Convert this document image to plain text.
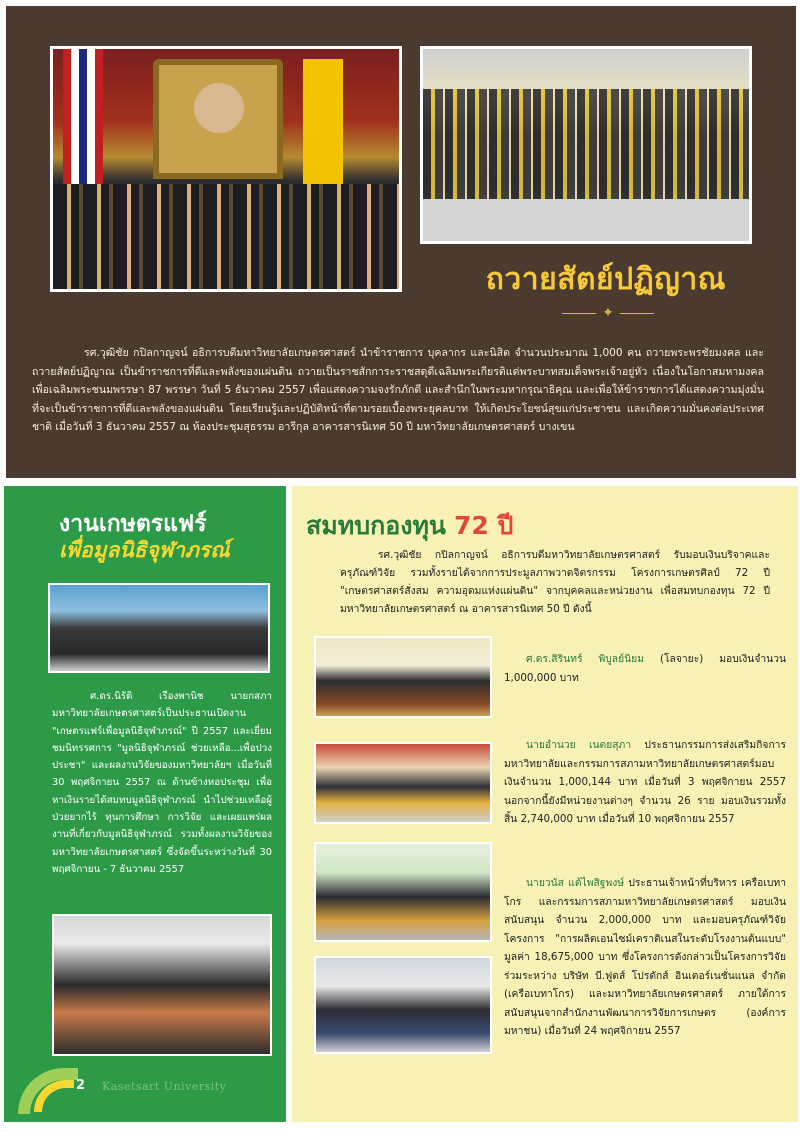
ถวายสัตย์ปฏิญาณ
✦

รศ.วุฒิชัย กปิลกาญจน์ อธิการบดีมหาวิทยาลัยเกษตรศาสตร์ นำข้าราชการ บุคลากร และนิสิต จำนวนประมาณ 1,000 คน ถวายพระพรชัยมงคล และถวายสัตย์ปฏิญาณ เป็นข้าราชการที่ดีและพลังของแผ่นดิน ถวายเป็นราชสักการะราชสดุดีเฉลิมพระเกียรติแด่พระบาทสมเด็จพระเจ้าอยู่หัว เนื่องในโอกาสมหามงคล เพื่อเฉลิมพระชนมพรรษา 87 พรรษา วันที่ 5 ธันวาคม 2557 เพื่อแสดงความจงรักภักดี และสำนึกในพระมหากรุณาธิคุณ และเพื่อให้ข้าราชการได้แสดงความมุ่งมั่นที่จะเป็นข้าราชการที่ดีและพลังของแผ่นดิน โดยเรียนรู้และปฏิบัติหน้าที่ตามรอยเบื้องพระยุคลบาท ให้เกิดประโยชน์สุขแก่ประชาชน และเกิดความมั่นคงต่อประเทศชาติ เมื่อวันที่ 3 ธันวาคม 2557 ณ ห้องประชุมสุธรรม อารีกุล อาคารสารนิเทศ 50 ปี มหาวิทยาลัยเกษตรศาสตร์ บางเขน

งานเกษตรแฟร์
เพื่อมูลนิธิจุฬาภรณ์

ศ.ดร.นิรัติ เรืองพานิช นายกสภามหาวิทยาลัยเกษตรศาสตร์เป็นประธานเปิดงาน "เกษตรแฟร์เพื่อมูลนิธิจุฬาภรณ์" ปี 2557 และเยี่ยมชมนิทรรศการ "มูลนิธิจุฬาภรณ์ ช่วยเหลือ...เพื่อปวงประชา" และผลงานวิจัยของมหาวิทยาลัยฯ เมื่อวันที่ 30 พฤศจิกายน 2557 ณ ด้านข้างหอประชุม เพื่อหาเงินรายได้สมทบมูลนิธิจุฬาภรณ์ นำไปช่วยเหลือผู้ป่วยยากไร้ ทุนการศึกษา การวิจัย และเผยแพร่ผลงานที่เกี่ยวกับมูลนิธิจุฬาภรณ์ รวมทั้งผลงานวิจัยของมหาวิทยาลัยเกษตรศาสตร์ ซึ่งจัดขึ้นระหว่างวันที่ 30 พฤศจิกายน - 7 ธันวาคม 2557

2 Kasetsart University
สมทบกองทุน 72 ปี

รศ.วุฒิชัย กปิลกาญจน์ อธิการบดีมหาวิทยาลัยเกษตรศาสตร์ รับมอบเงินบริจาคและครุภัณฑ์วิจัย รวมทั้งรายได้จากการประมูลภาพวาดจิตรกรรม โครงการเกษตรศิลป์ 72 ปี "เกษตรศาสตร์สั่งสม ความอุดมแห่งแผ่นดิน" จากบุคคลและหน่วยงาน เพื่อสมทบกองทุน 72 ปี มหาวิทยาลัยเกษตรศาสตร์ ณ อาคารสารนิเทศ 50 ปี ดังนี้

ศ.ดร.สิรินทร์ พิบูลย์นิยม (โลจายะ) มอบเงินจำนวน 1,000,000 บาท

นายอำนวย เนตยสุภา ประธานกรรมการส่งเสริมกิจการมหาวิทยาลัยและกรรมการสภามหาวิทยาลัยเกษตรศาสตร์มอบเงินจำนวน 1,000,144 บาท เมื่อวันที่ 3 พฤศจิกายน 2557 นอกจากนี้ยังมีหน่วยงานต่างๆ จำนวน 26 ราย มอบเงินรวมทั้งสิ้น 2,740,000 บาท เมื่อวันที่ 10 พฤศจิกายน 2557

นายวนัส แต้ไพสิฐพงษ์ ประธานเจ้าหน้าที่บริหาร เครือเบทาโกร และกรรมการสภามหาวิทยาลัยเกษตรศาสตร์ มอบเงินสนับสนุน จำนวน 2,000,000 บาท และมอบครุภัณฑ์วิจัยโครงการ "การผลิตเอนไซม์เคราติเนสในระดับโรงงานต้นแบบ" มูลค่า 18,675,000 บาท ซึ่งโครงการดังกล่าวเป็นโครงการวิจัยร่วมระหว่าง บริษัท บี.ฟูดส์ โปรดักส์ อินเตอร์เนชั่นแนล จำกัด (เครือเบทาโกร) และมหาวิทยาลัยเกษตรศาสตร์ ภายใต้การสนับสนุนจากสำนักงานพัฒนาการวิจัยการเกษตร (องค์การมหาชน) เมื่อวันที่ 24 พฤศจิกายน 2557
